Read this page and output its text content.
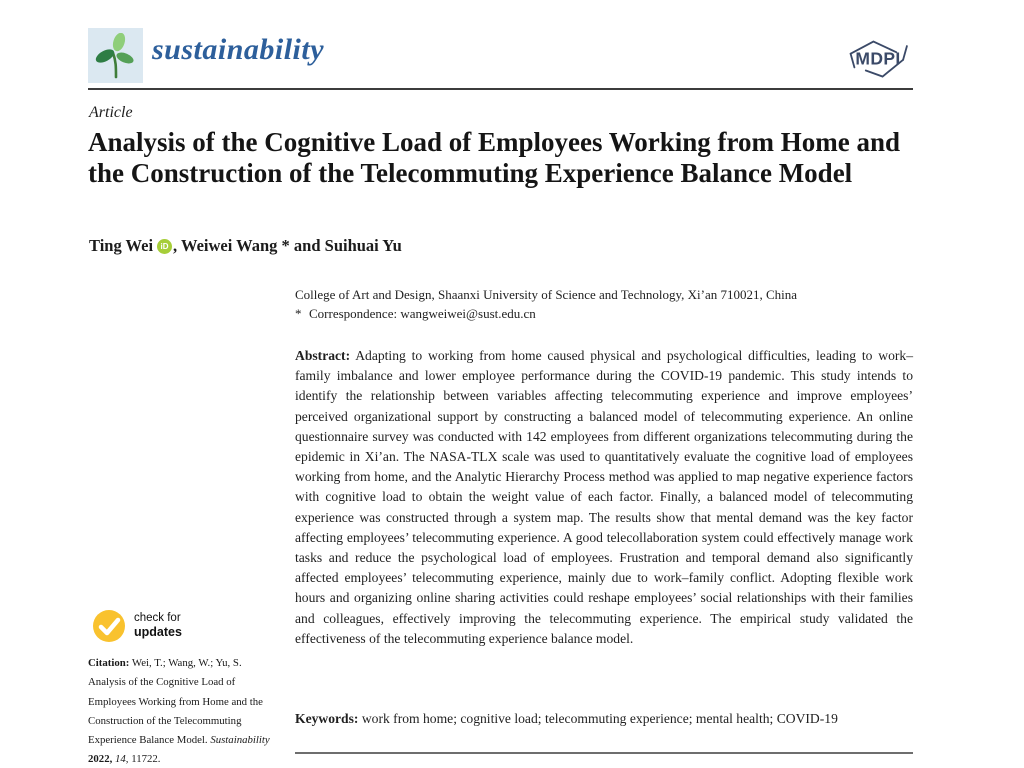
sustainability	MDPI
Article
Analysis of the Cognitive Load of Employees Working from Home and the Construction of the Telecommuting Experience Balance Model
Ting Wei iD , Weiwei Wang * and Suihuai Yu
College of Art and Design, Shaanxi University of Science and Technology, Xi’an 710021, China
* Correspondence: wangweiwei@sust.edu.cn

Abstract: Adapting to working from home caused physical and psychological difficulties, leading to work–family imbalance and lower employee performance during the COVID-19 pandemic. This study intends to identify the relationship between variables affecting telecommuting experience and improve employees’ perceived organizational support by constructing a balanced model of telecommuting experience. An online questionnaire survey was conducted with 142 employees from different organizations telecommuting during the epidemic in Xi’an. The NASA-TLX scale was used to quantitatively evaluate the cognitive load of employees working from home, and the Analytic Hierarchy Process method was applied to map negative experience factors with cognitive load to obtain the weight value of each factor. Finally, a balanced model of telecommuting experience was constructed through a system map. The results show that mental demand was the key factor affecting employees’ telecommuting experience. A good telecollaboration system could effectively manage work tasks and reduce the psychological load of employees. Frustration and temporal demand also significantly affected employees’ telecommuting experience, mainly due to work–family conflict. Adopting flexible work hours and organizing online sharing activities could reshape employees’ social relationships with their families and colleagues, effectively improving the telecommuting experience. The empirical study validated the effectiveness of the telecommuting experience balance model.

Keywords: work from home; cognitive load; telecommuting experience; mental health; COVID-19

check for
updates

Citation: Wei, T.; Wang, W.; Yu, S. Analysis of the Cognitive Load of Employees Working from Home and the Construction of the Telecommuting Experience Balance Model. Sustainability 2022, 14, 11722.
